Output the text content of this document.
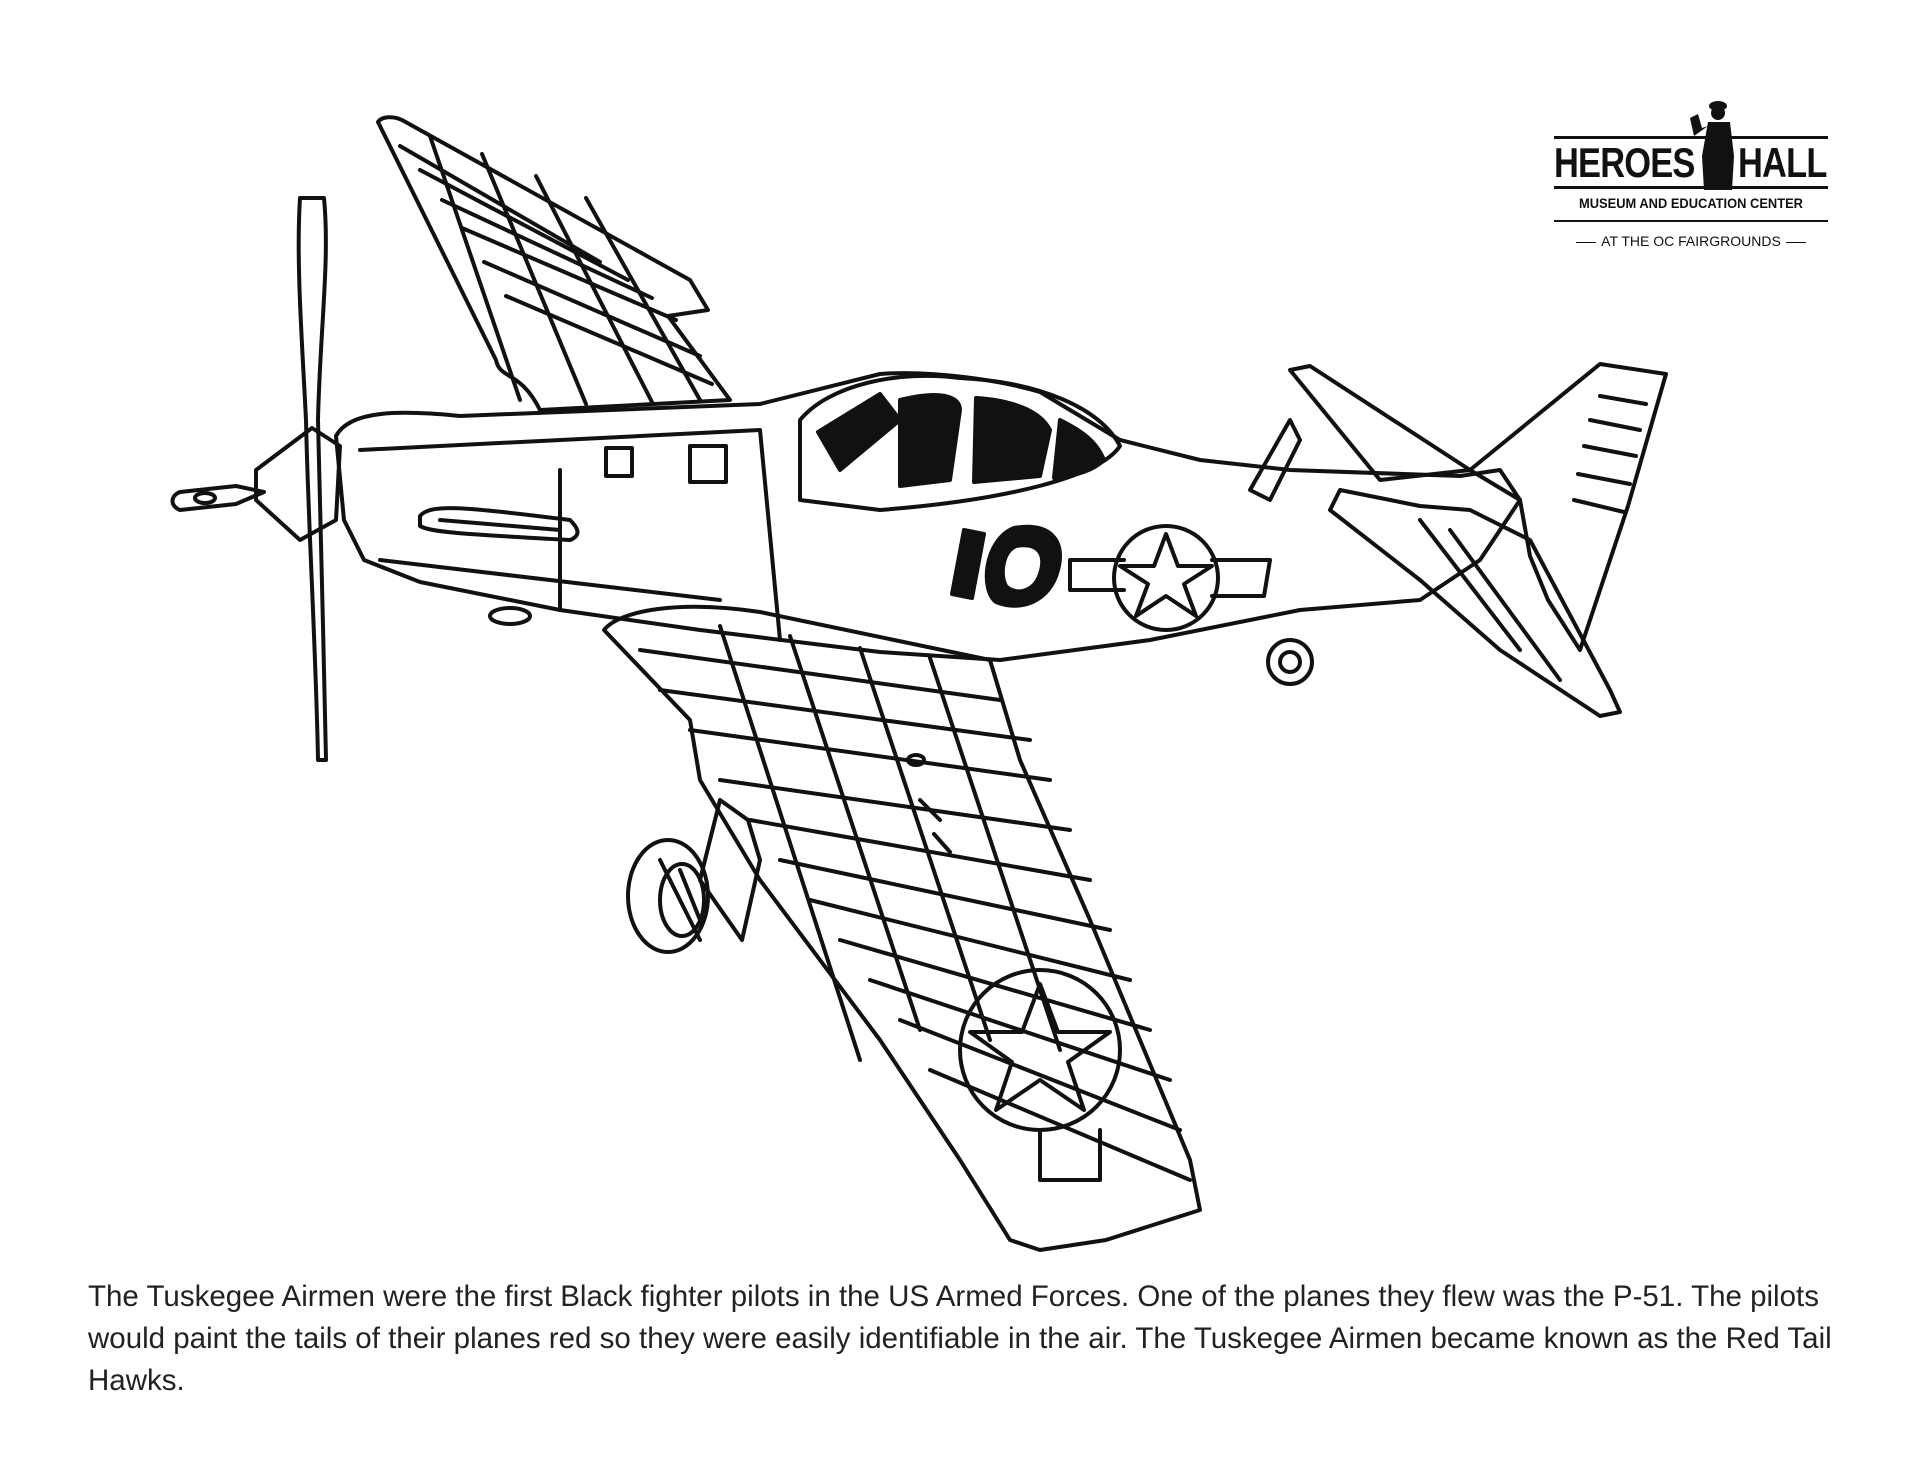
HEROES HALL
MUSEUM AND EDUCATION CENTER
AT THE OC FAIRGROUNDS
The Tuskegee Airmen were the first Black fighter pilots in the US Armed Forces. One of the planes they flew was the P-51. The pilots would paint the tails of their planes red so they were easily identifiable in the air. The Tuskegee Airmen became known as the Red Tail Hawks.
